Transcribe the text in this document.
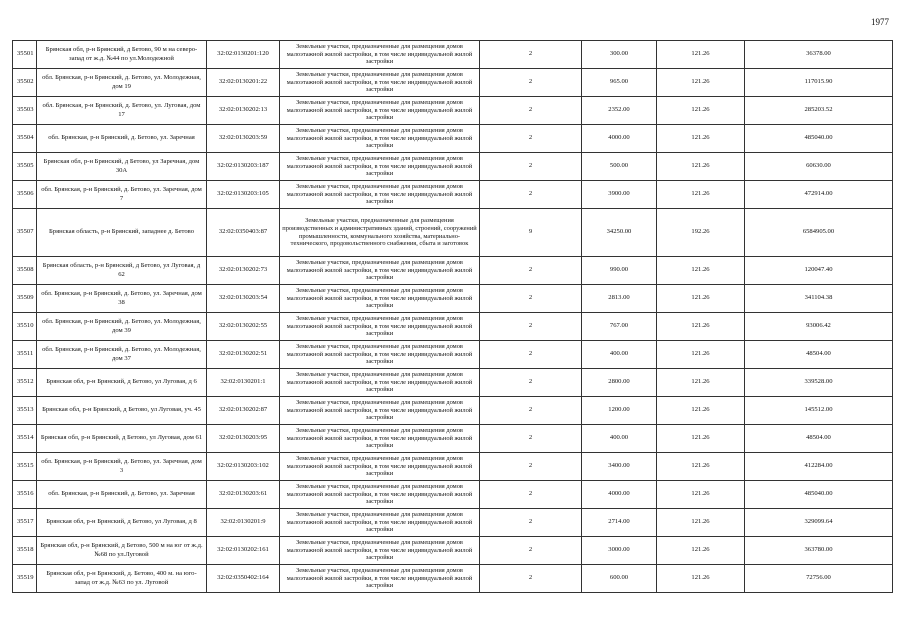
1977
35501	Брянская обл, р-н Брянский, д Бетово, 90 м на северо-запад от ж.д. №44 по ул.Молодежной	32:02:0130201:120	Земельные участки, предназначенные для размещения домов малоэтажной жилой застройки, в том числе индивидуальной жилой застройки	2	300.00	121.26	36378.00
35502	обл. Брянская, р-н Брянский, д. Бетово, ул. Молодежная, дом 19	32:02:0130201:22	Земельные участки, предназначенные для размещения домов малоэтажной жилой застройки, в том числе индивидуальной жилой застройки	2	965.00	121.26	117015.90
35503	обл. Брянская, р-н Брянский, д. Бетово, ул. Луговая, дом 17	32:02:0130202:13	Земельные участки, предназначенные для размещения домов малоэтажной жилой застройки, в том числе индивидуальной жилой застройки	2	2352.00	121.26	285203.52
35504	обл. Брянская, р-н Брянский, д. Бетово, ул. Заречная	32:02:0130203:59	Земельные участки, предназначенные для размещения домов малоэтажной жилой застройки, в том числе индивидуальной жилой застройки	2	4000.00	121.26	485040.00
35505	Брянская обл, р-н Брянский, д Бетово, ул Заречная, дом 30А	32:02:0130203:187	Земельные участки, предназначенные для размещения домов малоэтажной жилой застройки, в том числе индивидуальной жилой застройки	2	500.00	121.26	60630.00
35506	обл. Брянская, р-н Брянский, д. Бетово, ул. Заречная, дом 7	32:02:0130203:105	Земельные участки, предназначенные для размещения домов малоэтажной жилой застройки, в том числе индивидуальной жилой застройки	2	3900.00	121.26	472914.00
35507	Брянская область, р-н Брянский, западнее д. Бетово	32:02:0350403:87	Земельные участки, предназначенные для размещения производственных и административных зданий, строений, сооружений промышленности, коммунального хозяйства, материально-технического, продовольственного снабжения, сбыта и заготовок	9	34250.00	192.26	6584905.00
35508	Брянская область, р-н Брянский, д Бетово, ул Луговая, д 62	32:02:0130202:73	Земельные участки, предназначенные для размещения домов малоэтажной жилой застройки, в том числе индивидуальной жилой застройки	2	990.00	121.26	120047.40
35509	обл. Брянская, р-н Брянский, д. Бетово, ул. Заречная, дом 38	32:02:0130203:54	Земельные участки, предназначенные для размещения домов малоэтажной жилой застройки, в том числе индивидуальной жилой застройки	2	2813.00	121.26	341104.38
35510	обл. Брянская, р-н Брянский, д. Бетово, ул. Молодежная, дом 39	32:02:0130202:55	Земельные участки, предназначенные для размещения домов малоэтажной жилой застройки, в том числе индивидуальной жилой застройки	2	767.00	121.26	93006.42
35511	обл. Брянская, р-н Брянский, д. Бетово, ул. Молодежная, дом 37	32:02:0130202:51	Земельные участки, предназначенные для размещения домов малоэтажной жилой застройки, в том числе индивидуальной жилой застройки	2	400.00	121.26	48504.00
35512	Брянская обл, р-н Брянский, д Бетово, ул Луговая, д 6	32:02:0130201:1	Земельные участки, предназначенные для размещения домов малоэтажной жилой застройки, в том числе индивидуальной жилой застройки	2	2800.00	121.26	339528.00
35513	Брянская обл, р-н Брянский, д Бетово, ул Луговая, уч. 45	32:02:0130202:87	Земельные участки, предназначенные для размещения домов малоэтажной жилой застройки, в том числе индивидуальной жилой застройки	2	1200.00	121.26	145512.00
35514	Брянская обл, р-н Брянский, д Бетово, ул Луговая, дом 61	32:02:0130203:95	Земельные участки, предназначенные для размещения домов малоэтажной жилой застройки, в том числе индивидуальной жилой застройки	2	400.00	121.26	48504.00
35515	обл. Брянская, р-н Брянский, д. Бетово, ул. Заречная, дом 3	32:02:0130203:102	Земельные участки, предназначенные для размещения домов малоэтажной жилой застройки, в том числе индивидуальной жилой застройки	2	3400.00	121.26	412284.00
35516	обл. Брянская, р-н Брянский, д. Бетово, ул. Заречная	32:02:0130203:61	Земельные участки, предназначенные для размещения домов малоэтажной жилой застройки, в том числе индивидуальной жилой застройки	2	4000.00	121.26	485040.00
35517	Брянская обл, р-н Брянский, д Бетово, ул Луговая, д 8	32:02:0130201:9	Земельные участки, предназначенные для размещения домов малоэтажной жилой застройки, в том числе индивидуальной жилой застройки	2	2714.00	121.26	329099.64
35518	Брянская обл, р-н Брянский, д Бетово, 500 м на юг от ж.д.№68 по ул.Луговой	32:02:0130202:161	Земельные участки, предназначенные для размещения домов малоэтажной жилой застройки, в том числе индивидуальной жилой застройки	2	3000.00	121.26	363780.00
35519	Брянская обл, р-н Брянский, д. Бетово, 400 м. на юго-запад от ж.д. №63 по ул. Луговой	32:02:0350402:164	Земельные участки, предназначенные для размещения домов малоэтажной жилой застройки, в том числе индивидуальной жилой застройки	2	600.00	121.26	72756.00
